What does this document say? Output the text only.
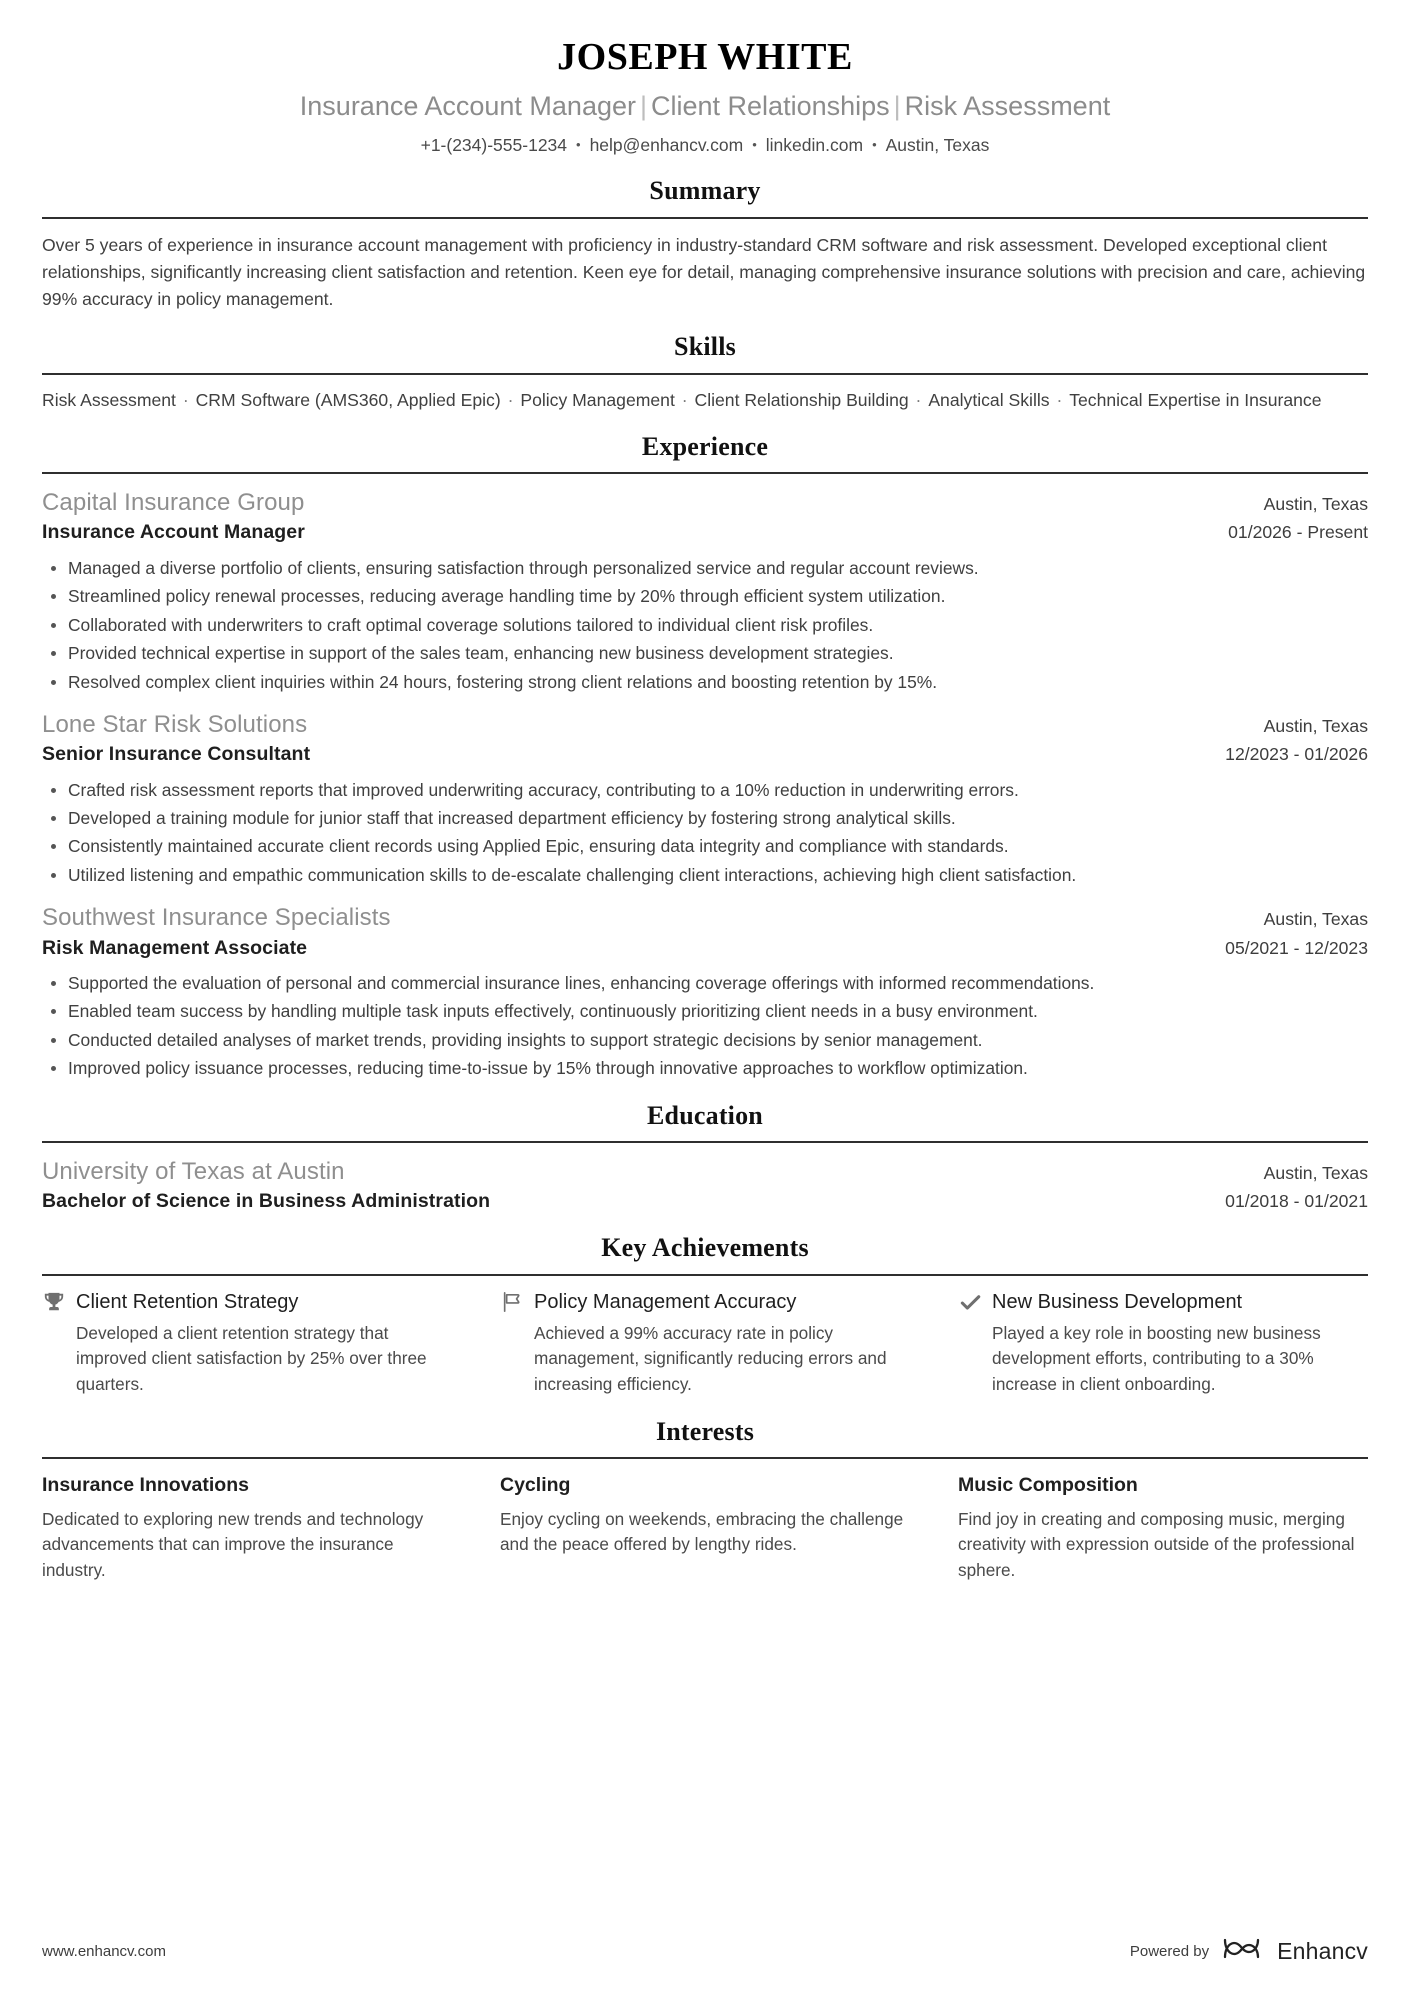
JOSEPH WHITE
Insurance Account Manager | Client Relationships | Risk Assessment
+1-(234)-555-1234 • help@enhancv.com • linkedin.com • Austin, Texas
Summary
Over 5 years of experience in insurance account management with proficiency in industry-standard CRM software and risk assessment. Developed exceptional client relationships, significantly increasing client satisfaction and retention. Keen eye for detail, managing comprehensive insurance solutions with precision and care, achieving 99% accuracy in policy management.
Skills
Risk Assessment · CRM Software (AMS360, Applied Epic) · Policy Management · Client Relationship Building · Analytical Skills · Technical Expertise in Insurance
Experience
Capital Insurance Group	Austin, Texas
Insurance Account Manager	01/2026 - Present
Managed a diverse portfolio of clients, ensuring satisfaction through personalized service and regular account reviews.
Streamlined policy renewal processes, reducing average handling time by 20% through efficient system utilization.
Collaborated with underwriters to craft optimal coverage solutions tailored to individual client risk profiles.
Provided technical expertise in support of the sales team, enhancing new business development strategies.
Resolved complex client inquiries within 24 hours, fostering strong client relations and boosting retention by 15%.
Lone Star Risk Solutions	Austin, Texas
Senior Insurance Consultant	12/2023 - 01/2026
Crafted risk assessment reports that improved underwriting accuracy, contributing to a 10% reduction in underwriting errors.
Developed a training module for junior staff that increased department efficiency by fostering strong analytical skills.
Consistently maintained accurate client records using Applied Epic, ensuring data integrity and compliance with standards.
Utilized listening and empathic communication skills to de-escalate challenging client interactions, achieving high client satisfaction.
Southwest Insurance Specialists	Austin, Texas
Risk Management Associate	05/2021 - 12/2023
Supported the evaluation of personal and commercial insurance lines, enhancing coverage offerings with informed recommendations.
Enabled team success by handling multiple task inputs effectively, continuously prioritizing client needs in a busy environment.
Conducted detailed analyses of market trends, providing insights to support strategic decisions by senior management.
Improved policy issuance processes, reducing time-to-issue by 15% through innovative approaches to workflow optimization.
Education
University of Texas at Austin	Austin, Texas
Bachelor of Science in Business Administration	01/2018 - 01/2021
Key Achievements
Client Retention Strategy
Developed a client retention strategy that improved client satisfaction by 25% over three quarters.
Policy Management Accuracy
Achieved a 99% accuracy rate in policy management, significantly reducing errors and increasing efficiency.
New Business Development
Played a key role in boosting new business development efforts, contributing to a 30% increase in client onboarding.
Interests
Insurance Innovations
Dedicated to exploring new trends and technology advancements that can improve the insurance industry.
Cycling
Enjoy cycling on weekends, embracing the challenge and the peace offered by lengthy rides.
Music Composition
Find joy in creating and composing music, merging creativity with expression outside of the professional sphere.
www.enhancv.com	Powered by	Enhancv
